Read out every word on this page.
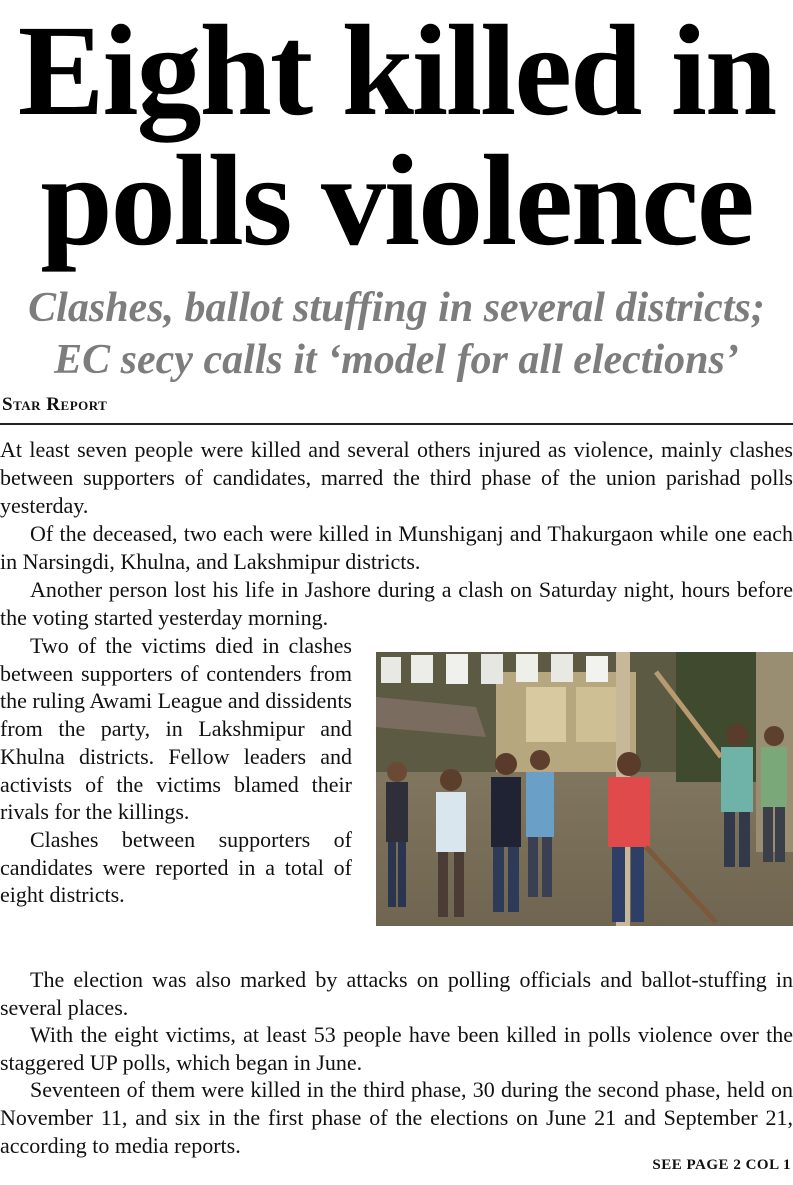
Eight killed in
polls violence
Clashes, ballot stuffing in several districts;
EC secy calls it ‘model for all elections’
Star Report

At least seven people were killed and several others injured as violence, mainly clashes between supporters of candidates, marred the third phase of the union parishad polls yesterday.

Of the deceased, two each were killed in Munshiganj and Thakurgaon while one each in Narsingdi, Khulna, and Lakshmipur districts.

Another person lost his life in Jashore during a clash on Saturday night, hours before the voting started yesterday morning.

Two of the victims died in clashes between supporters of contenders from the ruling Awami League and dissidents from the party, in Lakshmipur and Khulna districts. Fellow leaders and activists of the victims blamed their rivals for the killings.

Clashes between supporters of candidates were reported in a total of eight districts.

The election was also marked by attacks on polling officials and ballot-stuffing in several places.

With the eight victims, at least 53 people have been killed in polls violence over the staggered UP polls, which began in June.

Seventeen of them were killed in the third phase, 30 during the second phase, held on November 11, and six in the first phase of the elections on June 21 and September 21, according to media reports.

SEE PAGE 2 COL 1
